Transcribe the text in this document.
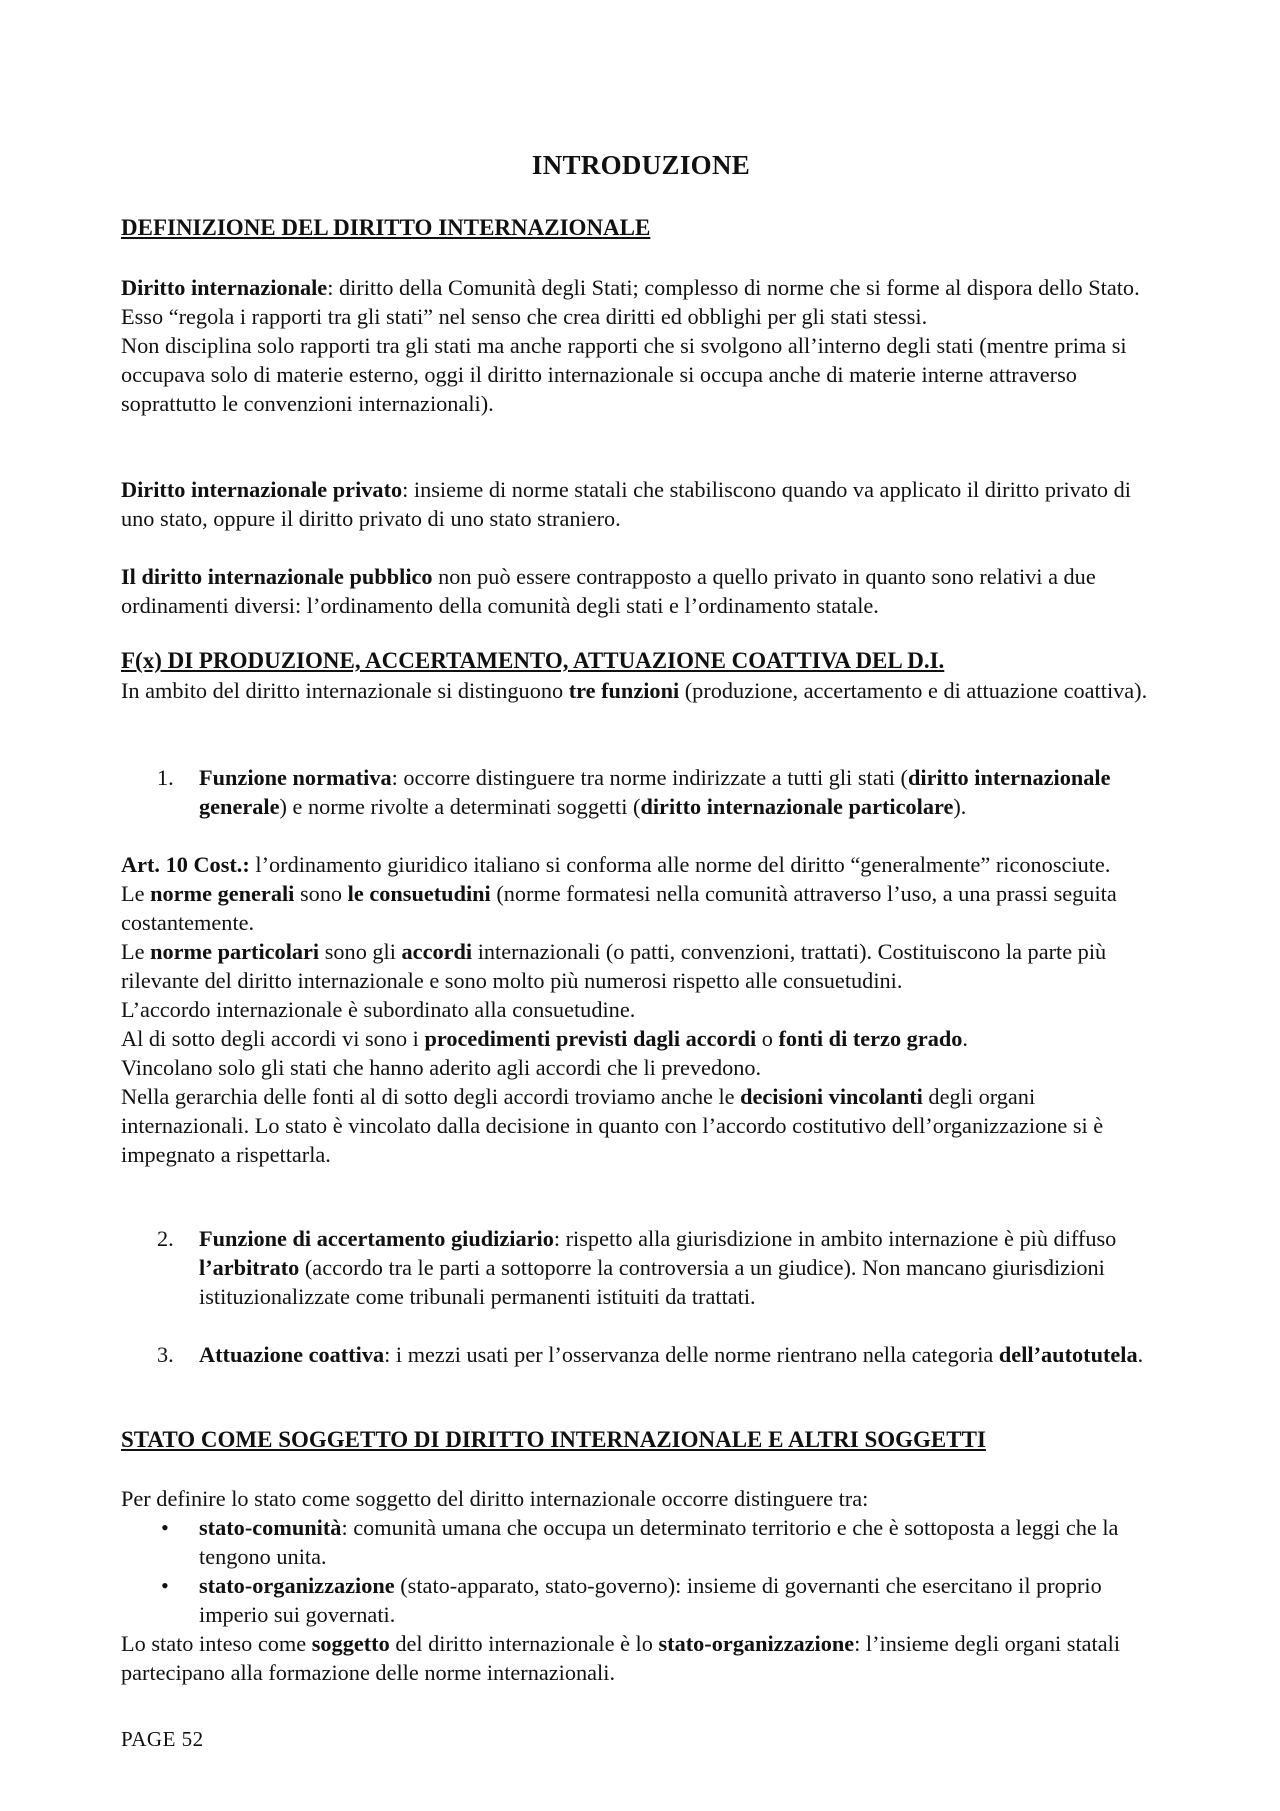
INTRODUZIONE
DEFINIZIONE DEL DIRITTO INTERNAZIONALE

Diritto internazionale: diritto della Comunità degli Stati; complesso di norme che si forme al dispora dello Stato. Esso “regola i rapporti tra gli stati” nel senso che crea diritti ed obblighi per gli stati stessi.

Non disciplina solo rapporti tra gli stati ma anche rapporti che si svolgono all’interno degli stati (mentre prima si occupava solo di materie esterno, oggi il diritto internazionale si occupa anche di materie interne attraverso soprattutto le convenzioni internazionali).

Diritto internazionale privato: insieme di norme statali che stabiliscono quando va applicato il diritto privato di uno stato, oppure il diritto privato di uno stato straniero.

Il diritto internazionale pubblico non può essere contrapposto a quello privato in quanto sono relativi a due ordinamenti diversi: l’ordinamento della comunità degli stati e l’ordinamento statale.

F(x) DI PRODUZIONE, ACCERTAMENTO, ATTUAZIONE COATTIVA DEL D.I.

In ambito del diritto internazionale si distinguono tre funzioni (produzione, accertamento e di attuazione coattiva).

1. Funzione normativa: occorre distinguere tra norme indirizzate a tutti gli stati (diritto internazionale generale) e norme rivolte a determinati soggetti (diritto internazionale particolare).

Art. 10 Cost.: l’ordinamento giuridico italiano si conforma alle norme del diritto “generalmente” riconosciute.

Le norme generali sono le consuetudini (norme formatesi nella comunità attraverso l’uso, a una prassi seguita costantemente.

Le norme particolari sono gli accordi internazionali (o patti, convenzioni, trattati). Costituiscono la parte più rilevante del diritto internazionale e sono molto più numerosi rispetto alle consuetudini.

L’accordo internazionale è subordinato alla consuetudine.

Al di sotto degli accordi vi sono i procedimenti previsti dagli accordi o fonti di terzo grado.

Vincolano solo gli stati che hanno aderito agli accordi che li prevedono.

Nella gerarchia delle fonti al di sotto degli accordi troviamo anche le decisioni vincolanti degli organi internazionali. Lo stato è vincolato dalla decisione in quanto con l’accordo costitutivo dell’organizzazione si è impegnato a rispettarla.

2. Funzione di accertamento giudiziario: rispetto alla giurisdizione in ambito internazione è più diffuso l’arbitrato (accordo tra le parti a sottoporre la controversia a un giudice). Non mancano giurisdizioni istituzionalizzate come tribunali permanenti istituiti da trattati.
3. Attuazione coattiva: i mezzi usati per l’osservanza delle norme rientrano nella categoria dell’autotutela.
STATO COME SOGGETTO DI DIRITTO INTERNAZIONALE E ALTRI SOGGETTI

Per definire lo stato come soggetto del diritto internazionale occorre distinguere tra:

• stato-comunità: comunità umana che occupa un determinato territorio e che è sottoposta a leggi che la tengono unita.
• stato-organizzazione (stato-apparato, stato-governo): insieme di governanti che esercitano il proprio imperio sui governati.

Lo stato inteso come soggetto del diritto internazionale è lo stato-organizzazione: l’insieme degli organi statali partecipano alla formazione delle norme internazionali.

PAGE 52
